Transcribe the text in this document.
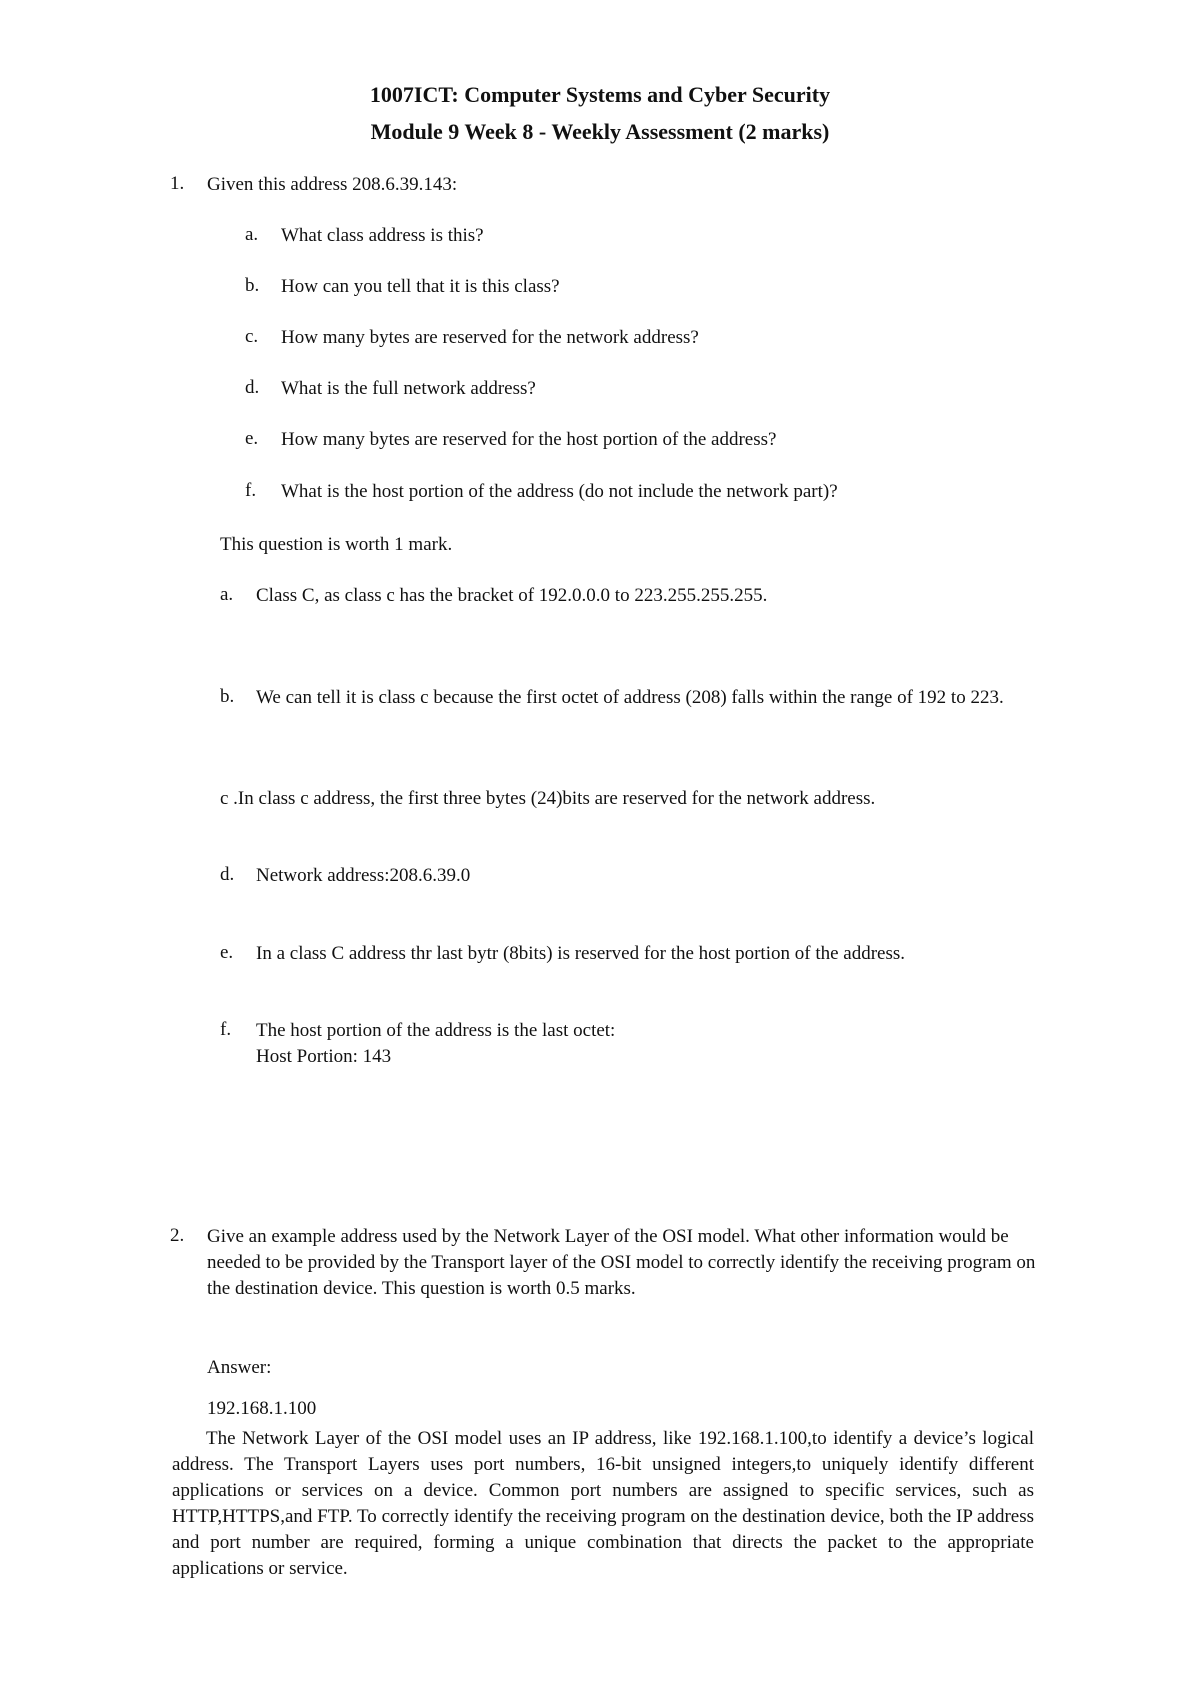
1007ICT: Computer Systems and Cyber Security
Module 9 Week 8 - Weekly Assessment (2 marks)
1. Given this address 208.6.39.143:
a. What class address is this?
b. How can you tell that it is this class?
c. How many bytes are reserved for the network address?
d. What is the full network address?
e. How many bytes are reserved for the host portion of the address?
f. What is the host portion of the address (do not include the network part)?
This question is worth 1 mark.
a. Class C, as class c has the bracket of 192.0.0.0 to 223.255.255.255.
b. We can tell it is class c because the first octet of address (208) falls within the range of 192 to 223.
c .In class c address, the first three bytes (24)bits are reserved for the network address.
d. Network address:208.6.39.0
e. In a class C address thr last bytr (8bits) is reserved for the host portion of the address.
f. The host portion of the address is the last octet:
Host Portion: 143
2. Give an example address used by the Network Layer of the OSI model. What other information would be needed to be provided by the Transport layer of the OSI model to correctly identify the receiving program on the destination device. This question is worth 0.5 marks.
Answer:
192.168.1.100
The Network Layer of the OSI model uses an IP address, like 192.168.1.100,to identify a device’s logical address. The Transport Layers uses port numbers, 16-bit unsigned integers,to uniquely identify different applications or services on a device. Common port numbers are assigned to specific services, such as HTTP,HTTPS,and FTP. To correctly identify the receiving program on the destination device, both the IP address and port number are required, forming a unique combination that directs the packet to the appropriate applications or service.
